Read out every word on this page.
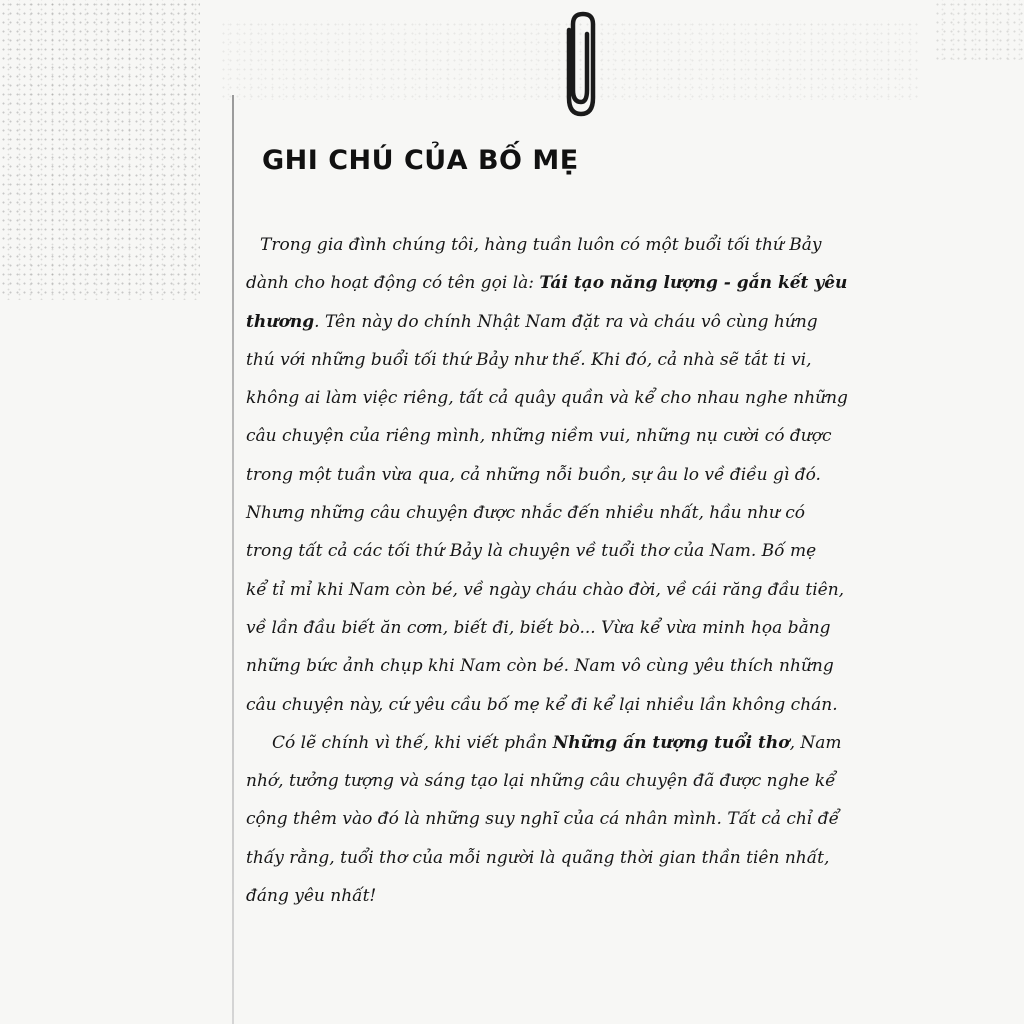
GHI CHÚ CỦA BỐ MẸ
Trong gia đình chúng tôi, hàng tuần luôn có một buổi tối thứ Bảy
dành cho hoạt động có tên gọi là: Tái tạo năng lượng - gắn kết yêu
thương. Tên này do chính Nhật Nam đặt ra và cháu vô cùng hứng
thú với những buổi tối thứ Bảy như thế. Khi đó, cả nhà sẽ tắt ti vi,
không ai làm việc riêng, tất cả quây quần và kể cho nhau nghe những
câu chuyện của riêng mình, những niềm vui, những nụ cười có được
trong một tuần vừa qua, cả những nỗi buồn, sự âu lo về điều gì đó.
Nhưng những câu chuyện được nhắc đến nhiều nhất, hầu như có
trong tất cả các tối thứ Bảy là chuyện về tuổi thơ của Nam. Bố mẹ
kể tỉ mỉ khi Nam còn bé, về ngày cháu chào đời, về cái răng đầu tiên,
về lần đầu biết ăn cơm, biết đi, biết bò... Vừa kể vừa minh họa bằng
những bức ảnh chụp khi Nam còn bé. Nam vô cùng yêu thích những
câu chuyện này, cứ yêu cầu bố mẹ kể đi kể lại nhiều lần không chán.
Có lẽ chính vì thế, khi viết phần Những ấn tượng tuổi thơ, Nam
nhớ, tưởng tượng và sáng tạo lại những câu chuyện đã được nghe kể
cộng thêm vào đó là những suy nghĩ của cá nhân mình. Tất cả chỉ để
thấy rằng, tuổi thơ của mỗi người là quãng thời gian thần tiên nhất,
đáng yêu nhất!
